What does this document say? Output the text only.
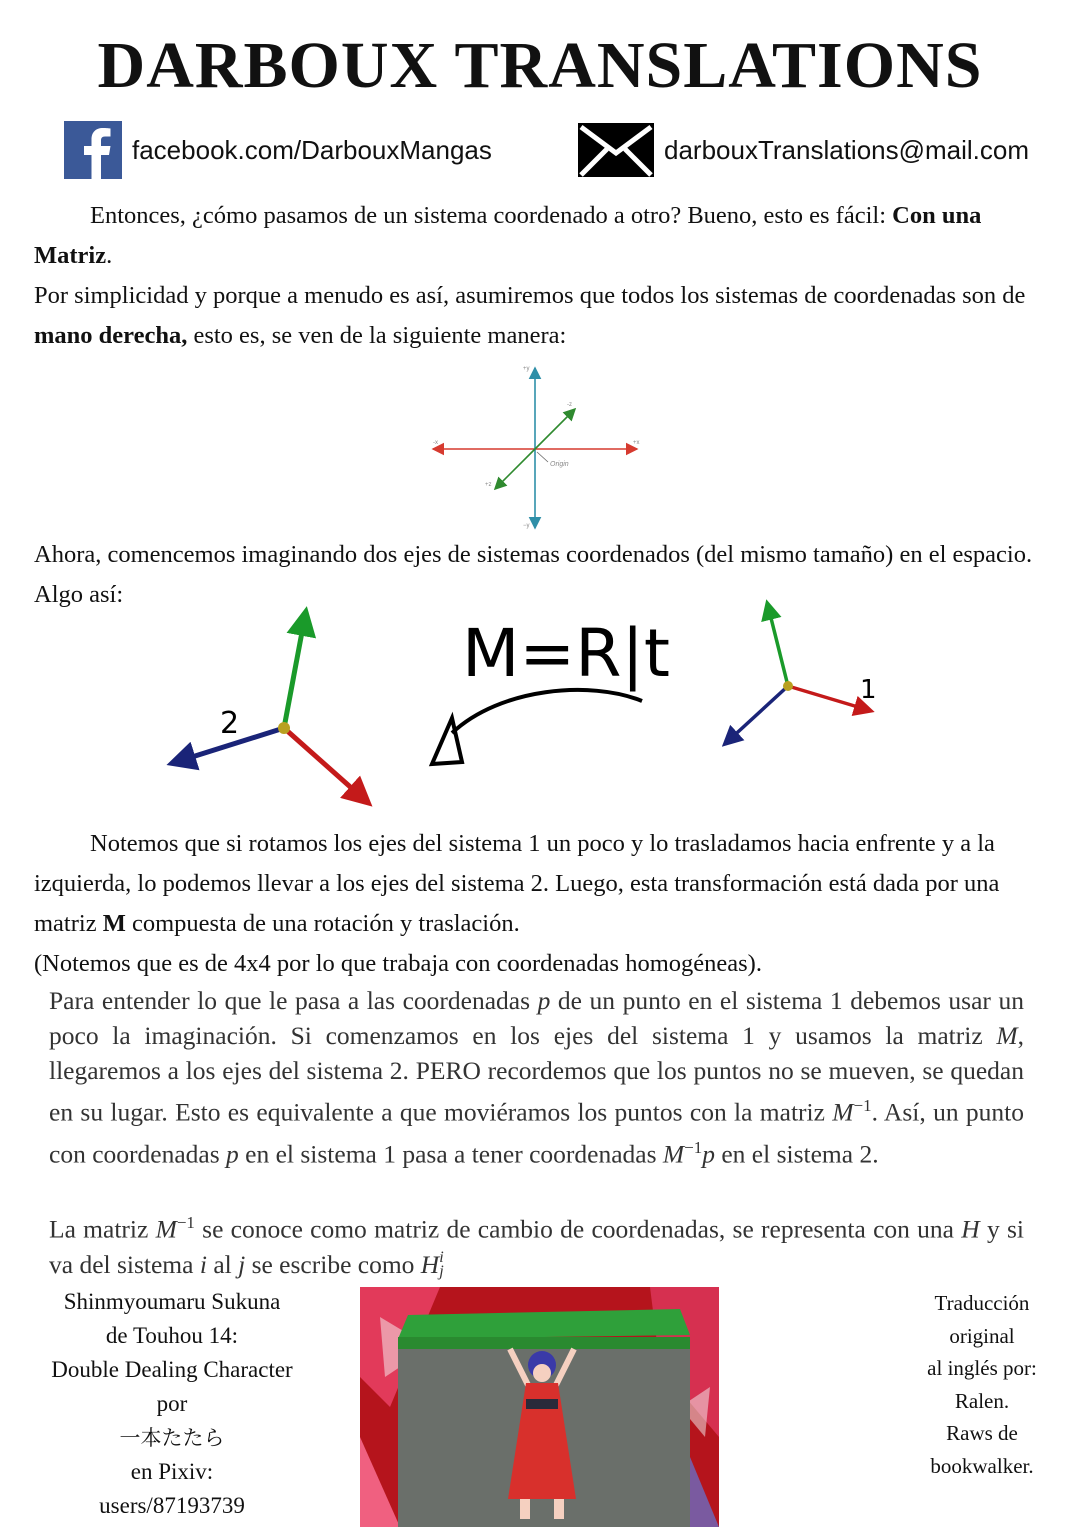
DARBOUX TRANSLATIONS
facebook.com/DarbouxMangas	darbouxTranslations@mail.com

Entonces, ¿cómo pasamos de un sistema coordenado a otro? Bueno, esto es fácil: Con una Matriz.

Por simplicidad y porque a menudo es así, asumiremos que todos los sistemas de coordenadas son de mano derecha, esto es, se ven de la siguiente manera:

+y
−y
+x
-x
-z
+z
Origin

Ahora, comencemos imaginando dos ejes de sistemas coordenados (del mismo tamaño) en el espacio. Algo así:

2
M=R|t	1

Notemos que si rotamos los ejes del sistema 1 un poco y lo trasladamos hacia enfrente y a la izquierda, lo podemos llevar a los ejes del sistema 2. Luego, esta transformación está dada por una matriz M compuesta de una rotación y traslación.

(Notemos que es de 4x4 por lo que trabaja con coordenadas homogéneas).

Para entender lo que le pasa a las coordenadas p de un punto en el sistema 1 debemos usar un poco la imaginación. Si comenzamos en los ejes del sistema 1 y usamos la matriz M, llegaremos a los ejes del sistema 2. PERO recordemos que los puntos no se mueven, se quedan en su lugar. Esto es equivalente a que moviéramos los puntos con la matriz $M^{-1}$. Así, un punto con coordenadas p en el sistema 1 pasa a tener coordenadas $M^{-1}p$ en el sistema 2.

La matriz $M^{-1}$ se conoce como matriz de cambio de coordenadas, se representa con una H y si va del sistema i al j se escribe como H i
j

Shinmyoumaru Sukuna
de Touhou 14:
Double Dealing Character
por
一本たたら
en Pixiv:
users/87193739
Traducción
original
al inglés por:
Ralen.
Raws de
bookwalker.
